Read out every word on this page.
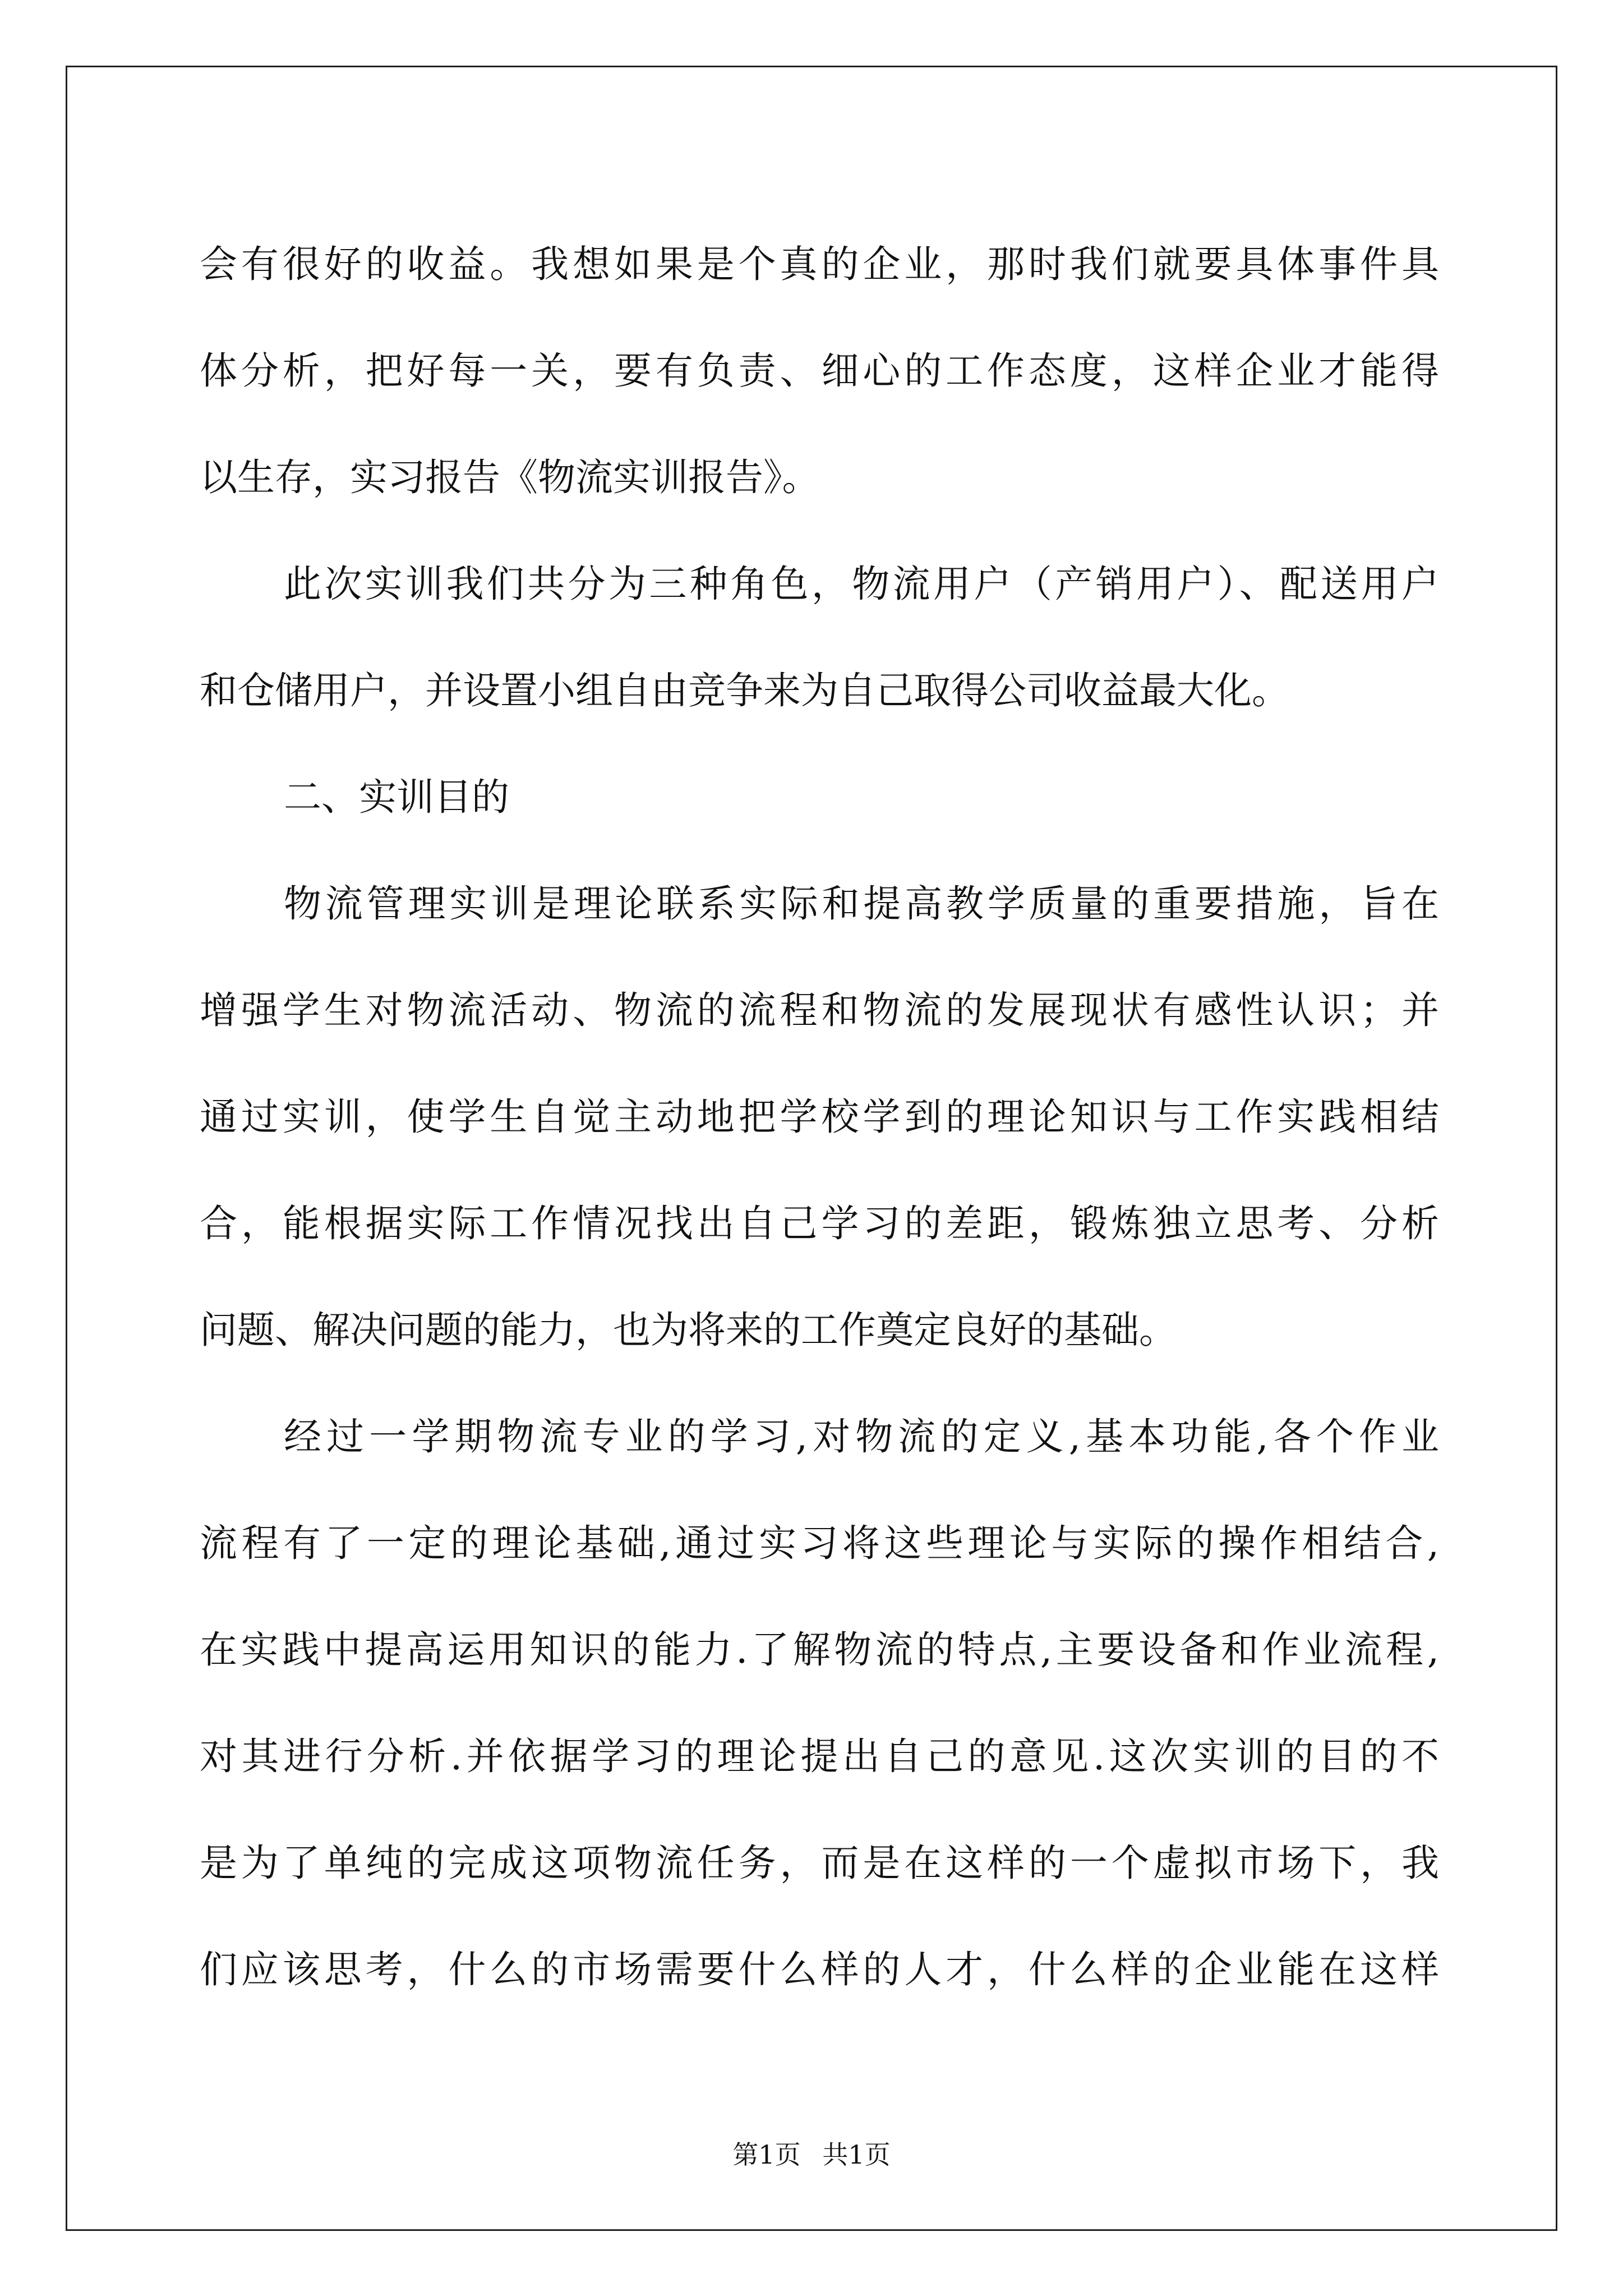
会有很好的收益。我想如果是个真的企业，那时我们就要具体事件具
体分析，把好每一关，要有负责、细心的工作态度，这样企业才能得
以生存，实习报告《物流实训报告》。
此次实训我们共分为三种角色，物流用户（产销用户）、配送用户
和仓储用户，并设置小组自由竞争来为自己取得公司收益最大化。
二、实训目的
物流管理实训是理论联系实际和提高教学质量的重要措施，旨在
增强学生对物流活动、物流的流程和物流的发展现状有感性认识；并
通过实训，使学生自觉主动地把学校学到的理论知识与工作实践相结
合，能根据实际工作情况找出自己学习的差距，锻炼独立思考、分析
问题、解决问题的能力，也为将来的工作奠定良好的基础。
经过一学期物流专业的学习,对物流的定义,基本功能,各个作业
流程有了一定的理论基础,通过实习将这些理论与实际的操作相结合,
在实践中提高运用知识的能力.了解物流的特点,主要设备和作业流程,
对其进行分析.并依据学习的理论提出自己的意见.这次实训的目的不
是为了单纯的完成这项物流任务，而是在这样的一个虚拟市场下，我
们应该思考，什么的市场需要什么样的人才，什么样的企业能在这样
第1页 共1页
